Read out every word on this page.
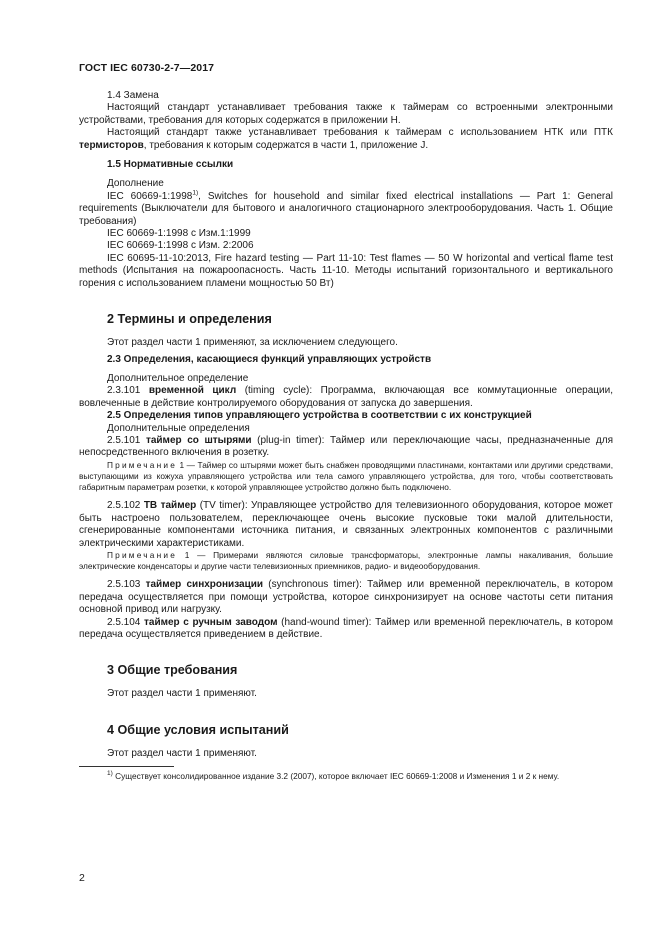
ГОСТ IEC 60730-2-7—2017

1.4 Замена

Настоящий стандарт устанавливает требования также к таймерам со встроенными электронными устройствами, требования для которых содержатся в приложении Н.

Настоящий стандарт также устанавливает требования к таймерам с использованием НТК или ПТК термисторов, требования к которым содержатся в части 1, приложение J.

1.5 Нормативные ссылки

Дополнение

IEC 60669-1:1998$^{1)}$, Switches for household and similar fixed electrical installations — Part 1: General requirements (Выключатели для бытового и аналогичного стационарного электрооборудования. Часть 1. Общие требования)

IEC 60669-1:1998 с Изм.1:1999

IEC 60669-1:1998 с Изм. 2:2006

IEC 60695-11-10:2013, Fire hazard testing — Part 11-10: Test flames — 50 W horizontal and vertical flame test methods (Испытания на пожароопасность. Часть 11-10. Методы испытаний горизонтального и вертикального горения с использованием пламени мощностью 50 Вт)

2 Термины и определения

Этот раздел части 1 применяют, за исключением следующего.

2.3 Определения, касающиеся функций управляющих устройств

Дополнительное определение

2.3.101 временной цикл (timing cycle): Программа, включающая все коммутационные операции, вовлеченные в действие контролируемого оборудования от запуска до завершения.

2.5 Определения типов управляющего устройства в соответствии с их конструкцией

Дополнительные определения

2.5.101 таймер со штырями (plug-in timer): Таймер или переключающие часы, предназначенные для непосредственного включения в розетку.

Примечание 1 — Таймер со штырями может быть снабжен проводящими пластинами, контактами или другими средствами, выступающими из кожуха управляющего устройства или тела самого управляющего устройства, для того, чтобы соответствовать габаритным параметрам розетки, к которой управляющее устройство должно быть подключено.

2.5.102 ТВ таймер (TV timer): Управляющее устройство для телевизионного оборудования, которое может быть настроено пользователем, переключающее очень высокие пусковые токи малой длительности, сгенерированные компонентами источника питания, и связанных электронных компонентов с различными электрическими характеристиками.

Примечание 1 — Примерами являются силовые трансформаторы, электронные лампы накаливания, большие электрические конденсаторы и другие части телевизионных приемников, радио- и видеооборудования.

2.5.103 таймер синхронизации (synchronous timer): Таймер или временной переключатель, в котором передача осуществляется при помощи устройства, которое синхронизирует на основе частоты сети питания основной привод или нагрузку.

2.5.104 таймер с ручным заводом (hand-wound timer): Таймер или временной переключатель, в котором передача осуществляется приведением в действие.

3 Общие требования

Этот раздел части 1 применяют.

4 Общие условия испытаний

Этот раздел части 1 применяют.

$^{1)}$ Существует консолидированное издание 3.2 (2007), которое включает IEC 60669-1:2008 и Изменения 1 и 2 к нему.

2
